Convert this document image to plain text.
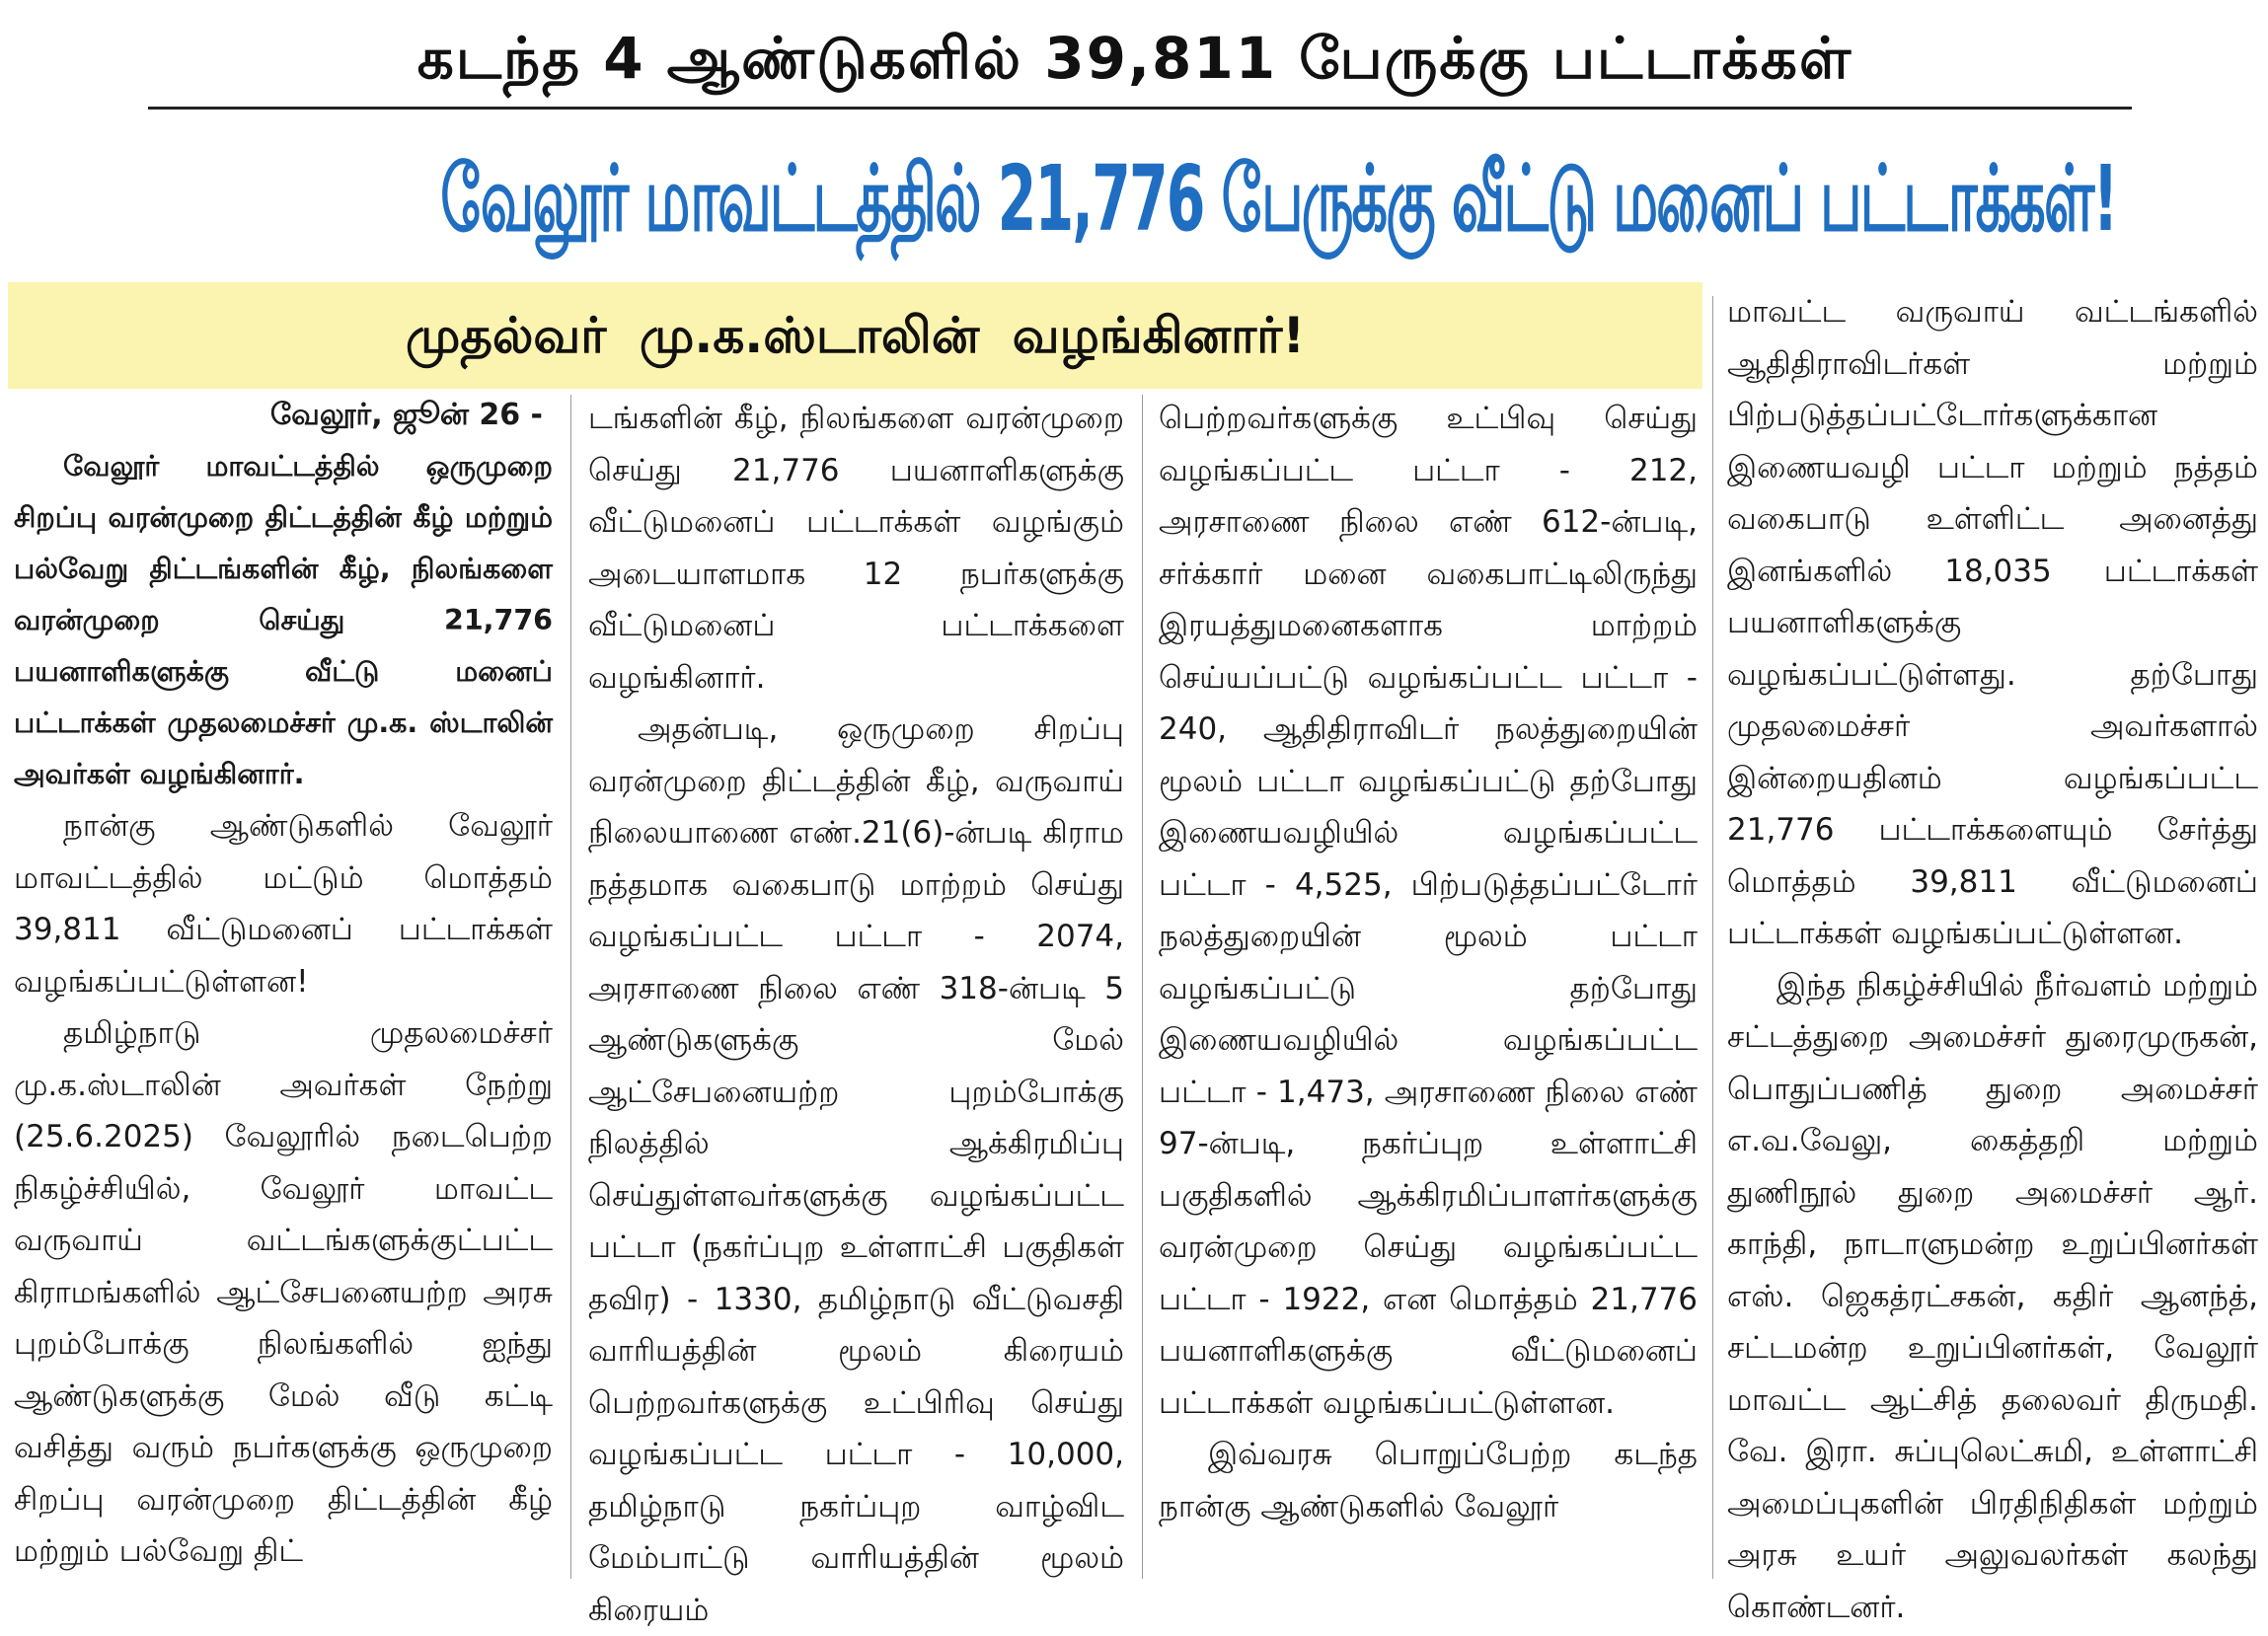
கடந்த 4 ஆண்டுகளில் 39,811 பேருக்கு பட்டாக்கள்
வேலூர் மாவட்டத்தில் 21,776 பேருக்கு வீட்டு மனைப் பட்டாக்கள்!
முதல்வர் மு.க.ஸ்டாலின் வழங்கினார்!
வேலூர், ஜூன் 26 -

வேலூர் மாவட்டத்தில் ஒருமுறை சிறப்பு வரன்முறை திட்டத்தின் கீழ் மற்றும் பல்வேறு திட்டங்களின் கீழ், நிலங்களை வரன்முறை செய்து 21,776 பயனாளிகளுக்கு வீட்டு மனைப் பட்டாக்கள் முதலமைச்சர் மு.க. ஸ்டாலின் அவர்கள் வழங்கினார்.

நான்கு ஆண்டுகளில் வேலூர் மாவட்டத்தில் மட்டும் மொத்தம் 39,811 வீட்டுமனைப் பட்டாக்கள் வழங்கப்பட்டுள்ளன!

தமிழ்நாடு முதலமைச்சர் மு.க.ஸ்டாலின் அவர்கள் நேற்று (25.6.2025) வேலூரில் நடைபெற்ற நிகழ்ச்சியில், வேலூர் மாவட்ட வருவாய் வட்டங்களுக்குட்பட்ட கிராமங்களில் ஆட்சேபனையற்ற அரசு புறம்போக்கு நிலங்களில் ஐந்து ஆண்டுகளுக்கு மேல் வீடு கட்டி வசித்து வரும் நபர்களுக்கு ஒருமுறை சிறப்பு வரன்முறை திட்டத்தின் கீழ் மற்றும் பல்வேறு திட்

டங்களின் கீழ், நிலங்களை வரன்முறை செய்து 21,776 பயனாளிகளுக்கு வீட்டுமனைப் பட்டாக்கள் வழங்கும் அடையாளமாக 12 நபர்களுக்கு வீட்டுமனைப் பட்டாக்களை வழங்கினார்.

அதன்படி, ஒருமுறை சிறப்பு வரன்முறை திட்டத்தின் கீழ், வருவாய் நிலையாணை எண்.21(6)-ன்படி கிராம நத்தமாக வகைபாடு மாற்றம் செய்து வழங்கப்பட்ட பட்டா - 2074, அரசாணை நிலை எண் 318-ன்படி 5 ஆண்டுகளுக்கு மேல் ஆட்சேபனையற்ற புறம்போக்கு நிலத்தில் ஆக்கிரமிப்பு செய்துள்ளவர்களுக்கு வழங்கப்பட்ட பட்டா (நகர்ப்புற உள்ளாட்சி பகுதிகள் தவிர) - 1330, தமிழ்நாடு வீட்டுவசதி வாரியத்தின் மூலம் கிரையம் பெற்றவர்களுக்கு உட்பிரிவு செய்து வழங்கப்பட்ட பட்டா - 10,000, தமிழ்நாடு நகர்ப்புற வாழ்விட மேம்பாட்டு வாரியத்தின் மூலம் கிரையம்

பெற்றவர்களுக்கு உட்பிவு செய்து வழங்கப்பட்ட பட்டா - 212, அரசாணை நிலை எண் 612-ன்படி, சர்க்கார் மனை வகைபாட்டிலிருந்து இரயத்துமனைகளாக மாற்றம் செய்யப்பட்டு வழங்கப்பட்ட பட்டா - 240, ஆதிதிராவிடர் நலத்துறையின் மூலம் பட்டா வழங்கப்பட்டு தற்போது இணையவழியில் வழங்கப்பட்ட பட்டா - 4,525, பிற்படுத்தப்பட்டோர் நலத்துறையின் மூலம் பட்டா வழங்கப்பட்டு தற்போது இணையவழியில் வழங்கப்பட்ட பட்டா - 1,473, அரசாணை நிலை எண் 97-ன்படி, நகர்ப்புற உள்ளாட்சி பகுதிகளில் ஆக்கிரமிப்பாளர்களுக்கு வரன்முறை செய்து வழங்கப்பட்ட பட்டா - 1922, என மொத்தம் 21,776 பயனாளிகளுக்கு வீட்டுமனைப் பட்டாக்கள் வழங்கப்பட்டுள்ளன.

இவ்வரசு பொறுப்பேற்ற கடந்த நான்கு ஆண்டுகளில் வேலூர்

மாவட்ட வருவாய் வட்டங்களில் ஆதிதிராவிடர்கள் மற்றும் பிற்படுத்தப்பட்டோர்களுக்கான இணையவழி பட்டா மற்றும் நத்தம் வகைபாடு உள்ளிட்ட அனைத்து இனங்களில் 18,035 பட்டாக்கள் பயனாளிகளுக்கு வழங்கப்பட்டுள்ளது. தற்போது முதலமைச்சர் அவர்களால் இன்றையதினம் வழங்கப்பட்ட 21,776 பட்டாக்களையும் சேர்த்து மொத்தம் 39,811 வீட்டுமனைப் பட்டாக்கள் வழங்கப்பட்டுள்ளன.

இந்த நிகழ்ச்சியில் நீர்வளம் மற்றும் சட்டத்துறை அமைச்சர் துரைமுருகன், பொதுப்பணித் துறை அமைச்சர் எ.வ.வேலு, கைத்தறி மற்றும் துணிநூல் துறை அமைச்சர் ஆர். காந்தி, நாடாளுமன்ற உறுப்பினர்கள் எஸ். ஜெகத்ரட்சகன், கதிர் ஆனந்த், சட்டமன்ற உறுப்பினர்கள், வேலூர் மாவட்ட ஆட்சித் தலைவர் திருமதி. வே. இரா. சுப்புலெட்சுமி, உள்ளாட்சி அமைப்புகளின் பிரதிநிதிகள் மற்றும் அரசு உயர் அலுவலர்கள் கலந்து கொண்டனர்.
